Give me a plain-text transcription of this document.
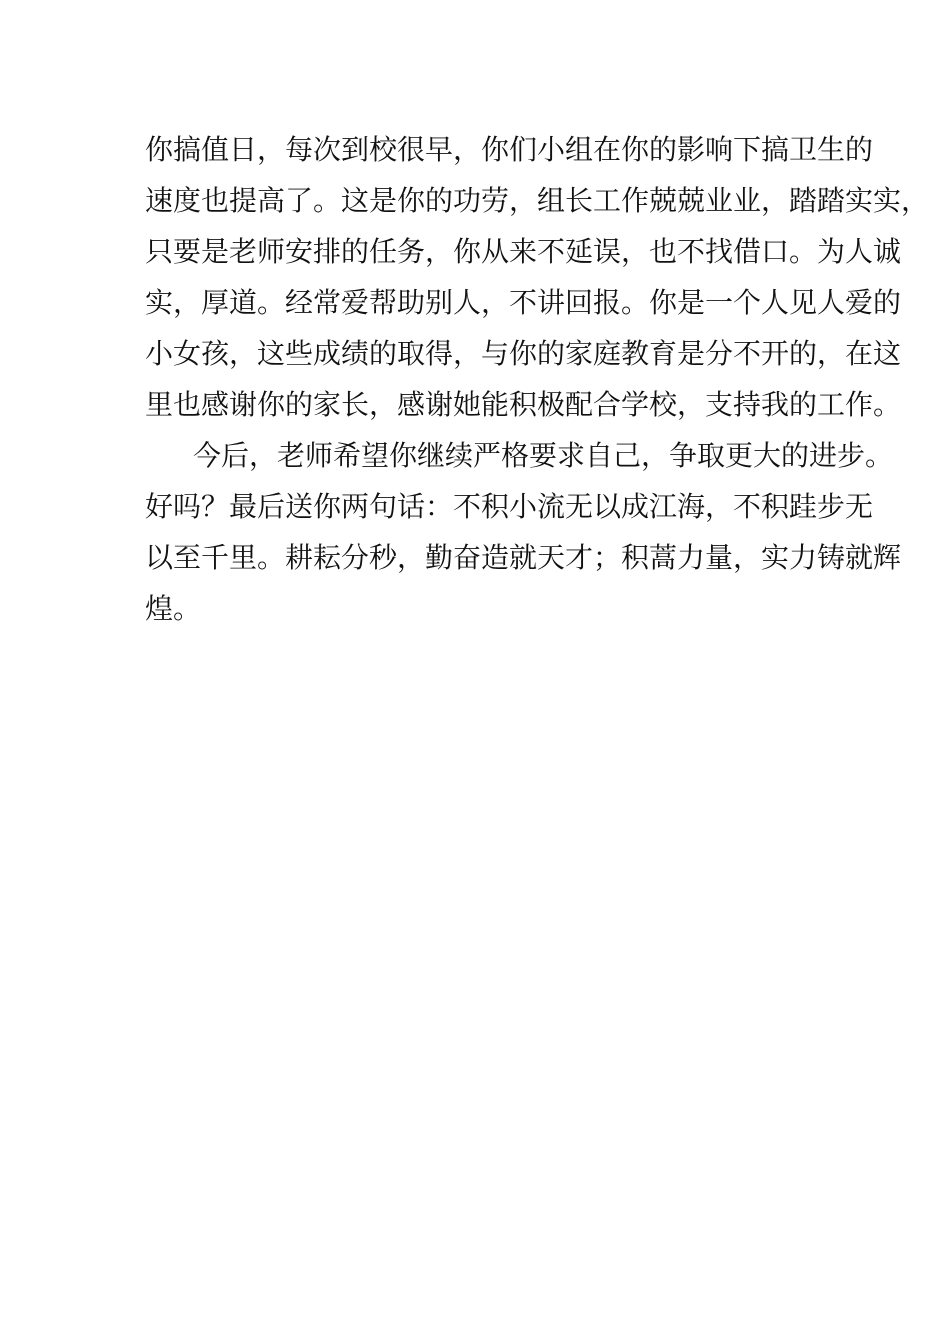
你搞值日，每次到校很早，你们小组在你的影响下搞卫生的
速度也提高了。这是你的功劳，组长工作兢兢业业，踏踏实实，
只要是老师安排的任务，你从来不延误，也不找借口。为人诚
实，厚道。经常爱帮助别人，不讲回报。你是一个人见人爱的
小女孩，这些成绩的取得，与你的家庭教育是分不开的，在这
里也感谢你的家长，感谢她能积极配合学校，支持我的工作。
今后，老师希望你继续严格要求自己，争取更大的进步。
好吗？最后送你两句话：不积小流无以成江海，不积跬步无
以至千里。耕耘分秒，勤奋造就天才；积蒿力量，实力铸就辉
煌。
